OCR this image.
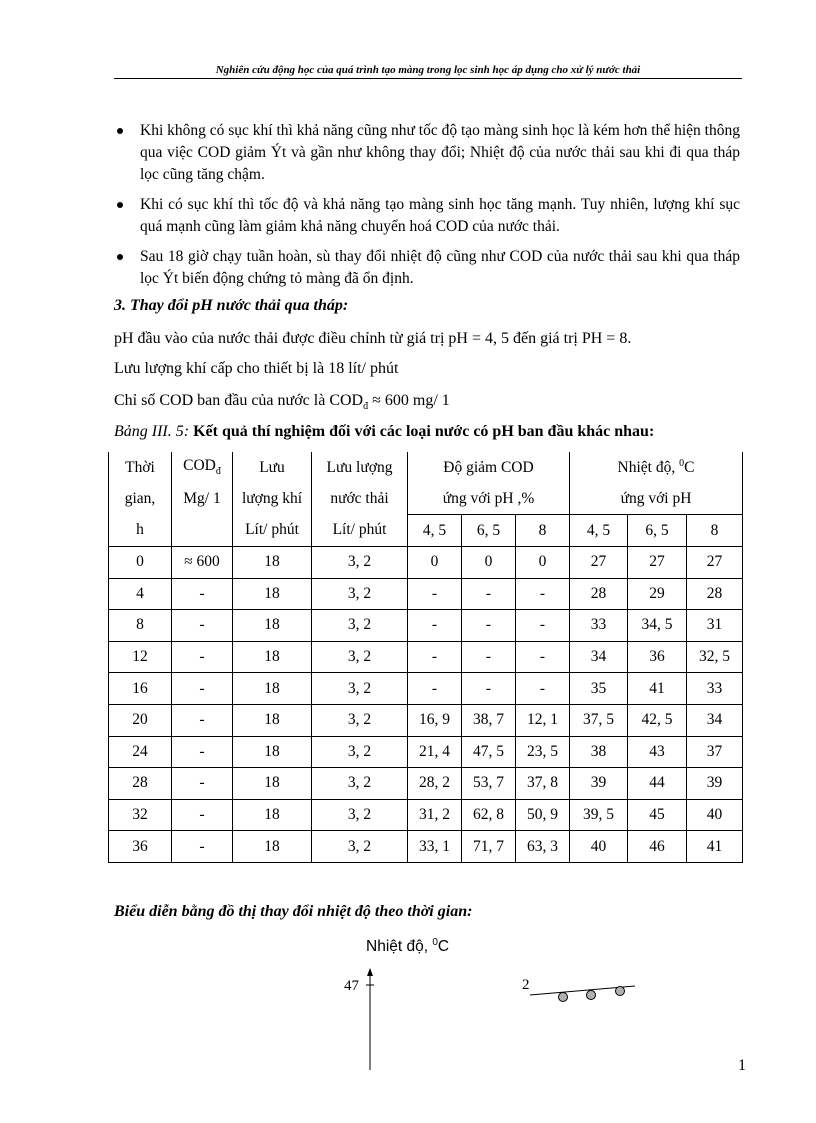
Nghiên cứu động học của quá trình tạo màng trong lọc sinh học áp dụng cho xử lý nước thải
Khi không có sục khí thì khả năng cũng như tốc độ tạo màng sinh học là kém hơn thể hiện thông qua việc COD giảm Ýt và gần như không thay đổi; Nhiệt độ của nước thải sau khi đi qua tháp lọc cũng tăng chậm.
Khi có sục khí thì tốc độ và khả năng tạo màng sinh học tăng mạnh. Tuy nhiên, lượng khí sục quá mạnh cũng làm giảm khả năng chuyển hoá COD của nước thải.
Sau 18 giờ chạy tuần hoàn, sù thay đổi nhiệt độ cũng như COD của nước thải sau khi qua tháp lọc Ýt biến động chứng tỏ màng đã ổn định.
3. Thay đổi pH nước thải qua tháp:
pH đầu vào của nước thải được điều chỉnh từ giá trị pH = 4, 5 đến giá trị PH = 8.
Lưu lượng khí cấp cho thiết bị là 18 lít/ phút
Chỉ số COD ban đầu của nước là $COD_đ \approx 600$ mg/ 1
Bảng III. 5: Kết quả thí nghiệm đối với các loại nước có pH ban đầu khác nhau:
Thời	$COD_đ$	Lưu	Lưu lượng	Độ giảm COD			Nhiệt độ, $^0$C		
gian,	Mg/ 1	lượng khí	nước thải	ứng với pH ,%			ứng với pH		
h		Lít/ phút	Lít/ phút	4, 5	6, 5	8	4, 5	6, 5	8
0	≈ 600	18	3, 2	0	0	0	27	27	27
4	-	18	3, 2	-	-	-	28	29	28
8	-	18	3, 2	-	-	-	33	34, 5	31
12	-	18	3, 2	-	-	-	34	36	32, 5
16	-	18	3, 2	-	-	-	35	41	33
20	-	18	3, 2	16, 9	38, 7	12, 1	37, 5	42, 5	34
24	-	18	3, 2	21, 4	47, 5	23, 5	38	43	37
28	-	18	3, 2	28, 2	53, 7	37, 8	39	44	39
32	-	18	3, 2	31, 2	62, 8	50, 9	39, 5	45	40
36	-	18	3, 2	33, 1	71, 7	63, 3	40	46	41
Biểu diễn bằng đồ thị thay đổi nhiệt độ theo thời gian:
Nhiệt độ, $^0$C
47	2
1
